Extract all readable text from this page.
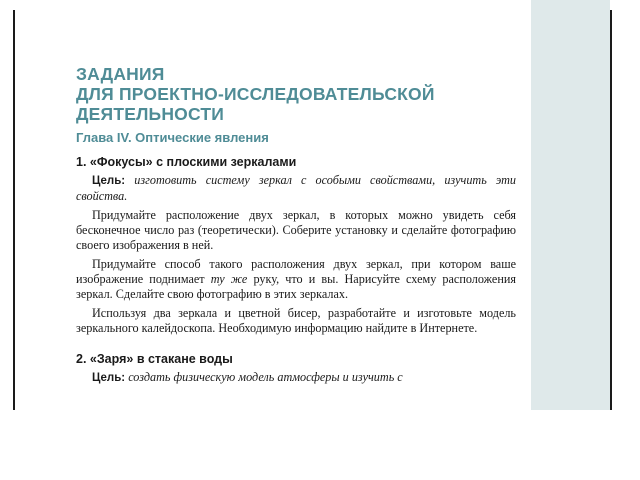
ЗАДАНИЯ
ДЛЯ ПРОЕКТНО-ИССЛЕДОВАТЕЛЬСКОЙ
ДЕЯТЕЛЬНОСТИ
Глава IV. Оптические явления
1. «Фокусы» с плоскими зеркалами
Цель: изготовить систему зеркал с особыми свойствами, изучить эти свойства.
Придумайте расположение двух зеркал, в которых можно увидеть себя бесконечное число раз (теоретически). Соберите установку и сделайте фотографию своего изображения в ней.
Придумайте способ такого расположения двух зеркал, при котором ваше изображение поднимает ту же руку, что и вы. Нарисуйте схему расположения зеркал. Сделайте свою фотографию в этих зеркалах.
Используя два зеркала и цветной бисер, разработайте и изготовьте модель зеркального калейдоскопа. Необходимую информацию найдите в Интернете.
2. «Заря» в стакане воды
Цель: создать физическую модель атмосферы и изучить с
